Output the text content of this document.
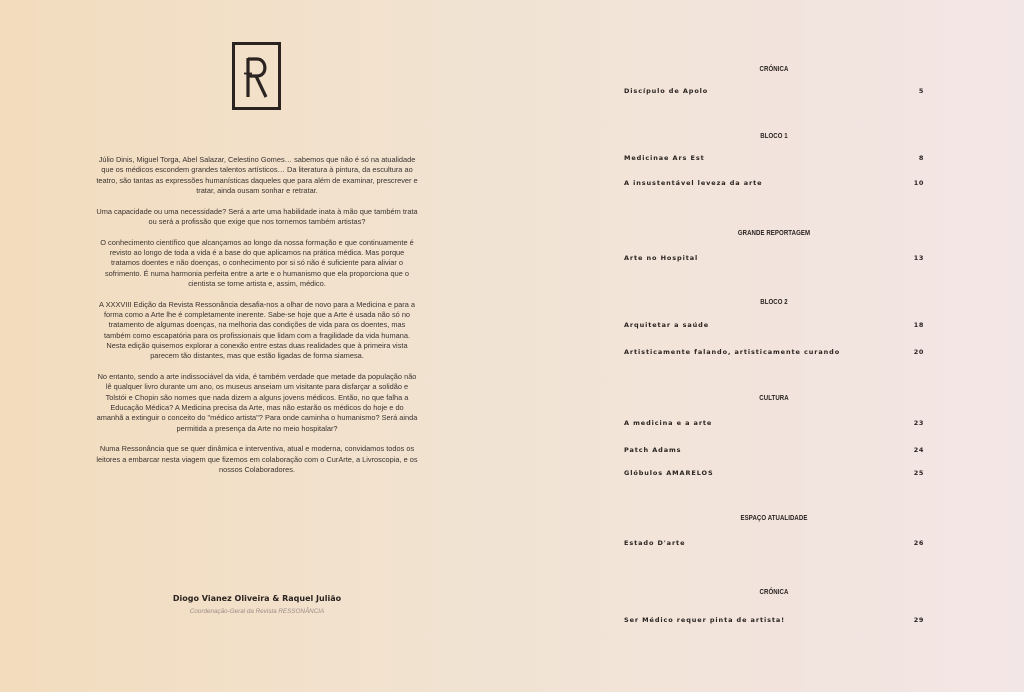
Júlio Dinis, Miguel Torga, Abel Salazar, Celestino Gomes… sabemos que não é só na atualidade que os médicos escondem grandes talentos artísticos… Da literatura à pintura, da escultura ao teatro, são tantas as expressões humanísticas daqueles que para além de examinar, prescrever e tratar, ainda ousam sonhar e retratar.

Uma capacidade ou uma necessidade? Será a arte uma habilidade inata à mão que também trata ou será a profissão que exige que nos tornemos também artistas?

O conhecimento científico que alcançamos ao longo da nossa formação e que continuamente é revisto ao longo de toda a vida é a base do que aplicamos na prática médica. Mas porque tratamos doentes e não doenças, o conhecimento por si só não é suficiente para aliviar o sofrimento. É numa harmonia perfeita entre a arte e o humanismo que ela proporciona que o cientista se torne artista e, assim, médico.

A XXXVIII Edição da Revista Ressonância desafia-nos a olhar de novo para a Medicina e para a forma como a Arte lhe é completamente inerente. Sabe-se hoje que a Arte é usada não só no tratamento de algumas doenças, na melhoria das condições de vida para os doentes, mas também como escapatória para os profissionais que lidam com a fragilidade da vida humana. Nesta edição quisemos explorar a conexão entre estas duas realidades que à primeira vista parecem tão distantes, mas que estão ligadas de forma siamesa.

No entanto, sendo a arte indissociável da vida, é também verdade que metade da população não lê qualquer livro durante um ano, os museus anseiam um visitante para disfarçar a solidão e Tolstói e Chopin são nomes que nada dizem a alguns jovens médicos. Então, no que falha a Educação Médica? A Medicina precisa da Arte, mas não estarão os médicos do hoje e do amanhã a extinguir o conceito do "médico artista"? Para onde caminha o humanismo? Será ainda permitida a presença da Arte no meio hospitalar?

Numa Ressonância que se quer dinâmica e interventiva, atual e moderna, convidamos todos os leitores a embarcar nesta viagem que fizemos em colaboração com o CurArte, a Livroscopia, e os nossos Colaboradores.

Diogo Vianez Oliveira & Raquel Julião
Coordenação-Geral da Revista RESSONÂNCIA
CRÓNICA
Discípulo de Apolo	5
BLOCO 1
Medicinae Ars Est	8
A insustentável leveza da arte	10
GRANDE REPORTAGEM
Arte no Hospital	13
BLOCO 2
Arquitetar a saúde	18
Artisticamente falando, artisticamente curando	20
CULTURA
A medicina e a arte	23
Patch Adams	24
Glóbulos AMARELOS	25
ESPAÇO ATUALIDADE
Estado D'arte	26
CRÓNICA
Ser Médico requer pinta de artista!	29
